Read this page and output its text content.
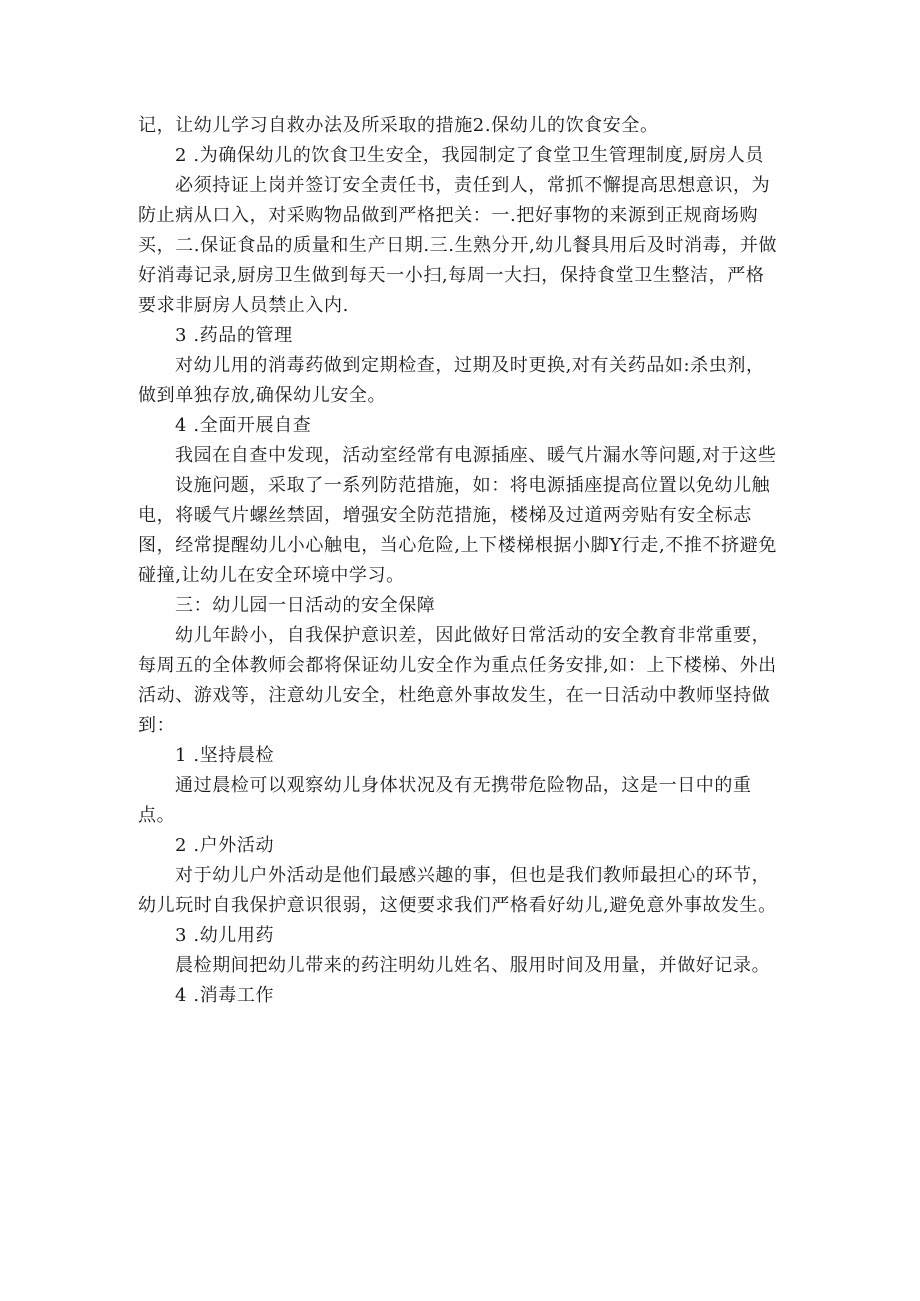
记，让幼儿学习自救办法及所采取的措施2.保幼儿的饮食安全。

2 .为确保幼儿的饮食卫生安全，我园制定了食堂卫生管理制度,厨房人员

必须持证上岗并签订安全责任书，责任到人，常抓不懈提高思想意识，为防止病从口入，对采购物品做到严格把关：一.把好事物的来源到正规商场购买，二.保证食品的质量和生产日期.三.生熟分开,幼儿餐具用后及时消毒，并做好消毒记录,厨房卫生做到每天一小扫,每周一大扫，保持食堂卫生整洁，严格要求非厨房人员禁止入内.

3 .药品的管理

对幼儿用的消毒药做到定期检查，过期及时更换,对有关药品如:杀虫剂，做到单独存放,确保幼儿安全。

4 .全面开展自查

我园在自查中发现，活动室经常有电源插座、暖气片漏水等问题,对于这些

设施问题，采取了一系列防范措施，如：将电源插座提高位置以免幼儿触电，将暖气片螺丝禁固，增强安全防范措施，楼梯及过道两旁贴有安全标志图，经常提醒幼儿小心触电，当心危险,上下楼梯根据小脚Y行走,不推不挤避免碰撞,让幼儿在安全环境中学习。

三：幼儿园一日活动的安全保障

幼儿年龄小，自我保护意识差，因此做好日常活动的安全教育非常重要，每周五的全体教师会都将保证幼儿安全作为重点任务安排,如：上下楼梯、外出活动、游戏等，注意幼儿安全，杜绝意外事故发生，在一日活动中教师坚持做到：

1 .坚持晨检

通过晨检可以观察幼儿身体状况及有无携带危险物品，这是一日中的重点。

2 .户外活动

对于幼儿户外活动是他们最感兴趣的事，但也是我们教师最担心的环节，幼儿玩时自我保护意识很弱，这便要求我们严格看好幼儿,避免意外事故发生。

3 .幼儿用药

晨检期间把幼儿带来的药注明幼儿姓名、服用时间及用量，并做好记录。

4 .消毒工作
